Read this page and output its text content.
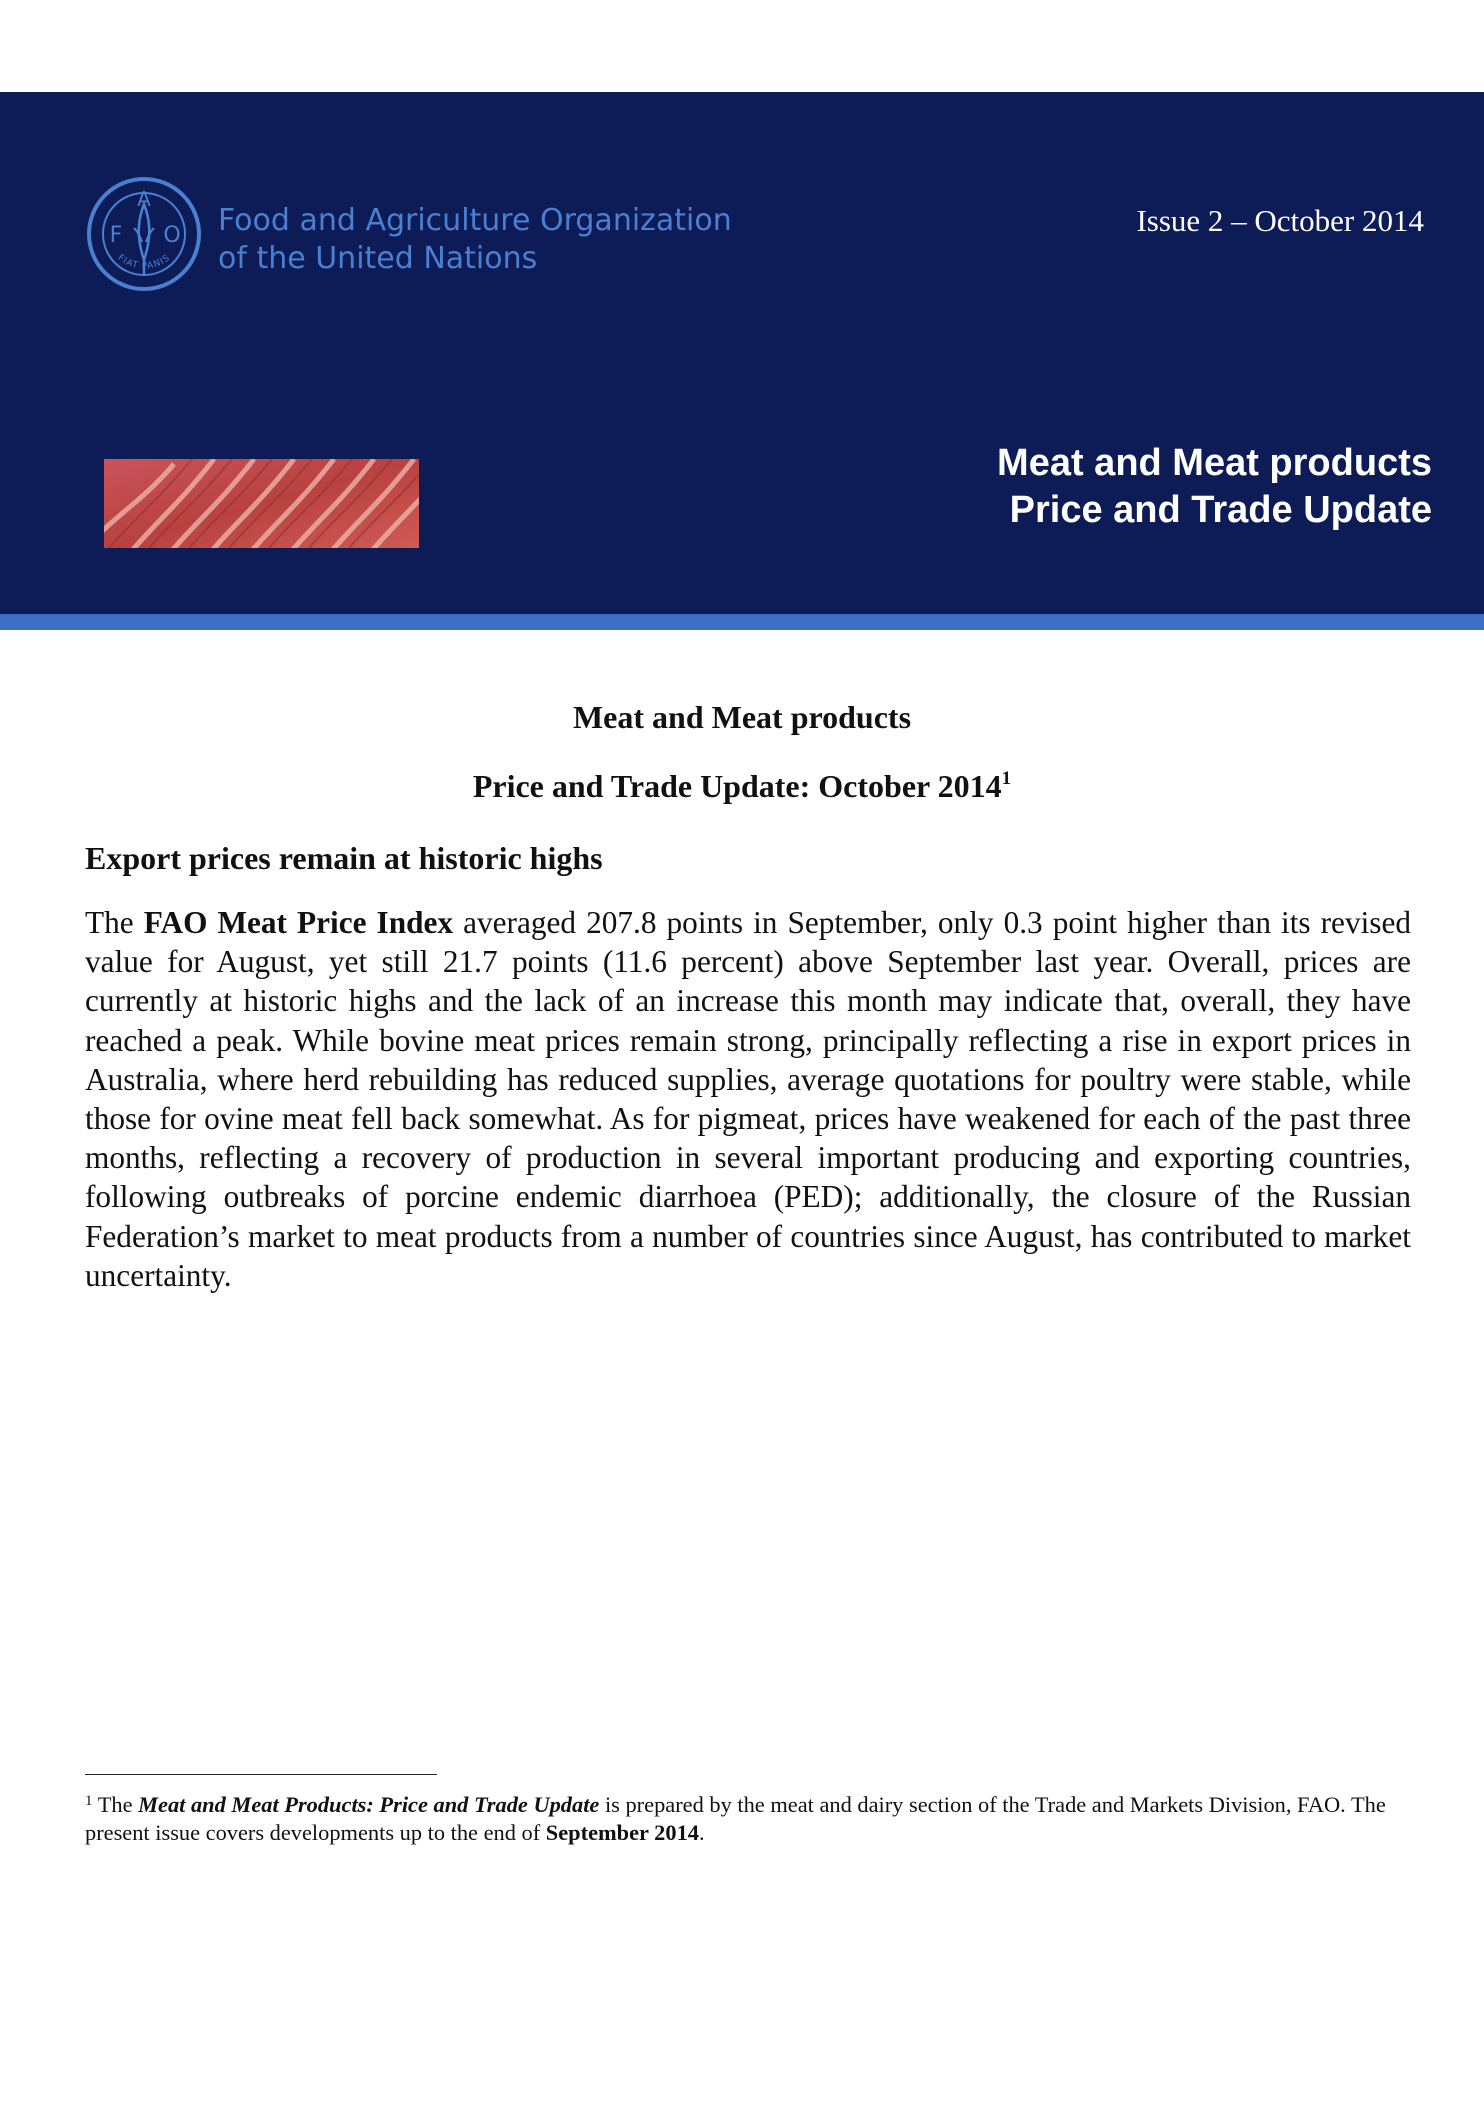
F
A
O
FIAT PANIS
Food and Agriculture Organization
of the United Nations
Issue 2 – October 2014
Meat and Meat products
Price and Trade Update
Meat and Meat products
Price and Trade Update: October 2014$^1$
Export prices remain at historic highs
The FAO Meat Price Index averaged 207.8 points in September, only 0.3 point higher than its revised value for August, yet still 21.7 points (11.6 percent) above September last year. Overall, prices are currently at historic highs and the lack of an increase this month may indicate that, overall, they have reached a peak. While bovine meat prices remain strong, principally reflecting a rise in export prices in Australia, where herd rebuilding has reduced supplies, average quotations for poultry were stable, while those for ovine meat fell back somewhat. As for pigmeat, prices have weakened for each of the past three months, reflecting a recovery of production in several important producing and exporting countries, following outbreaks of porcine endemic diarrhoea (PED); additionally, the closure of the Russian Federation’s market to meat products from a number of countries since August, has contributed to market uncertainty.
$^1$ The Meat and Meat Products: Price and Trade Update is prepared by the meat and dairy section of the Trade and Markets Division, FAO. The present issue covers developments up to the end of September 2014.
